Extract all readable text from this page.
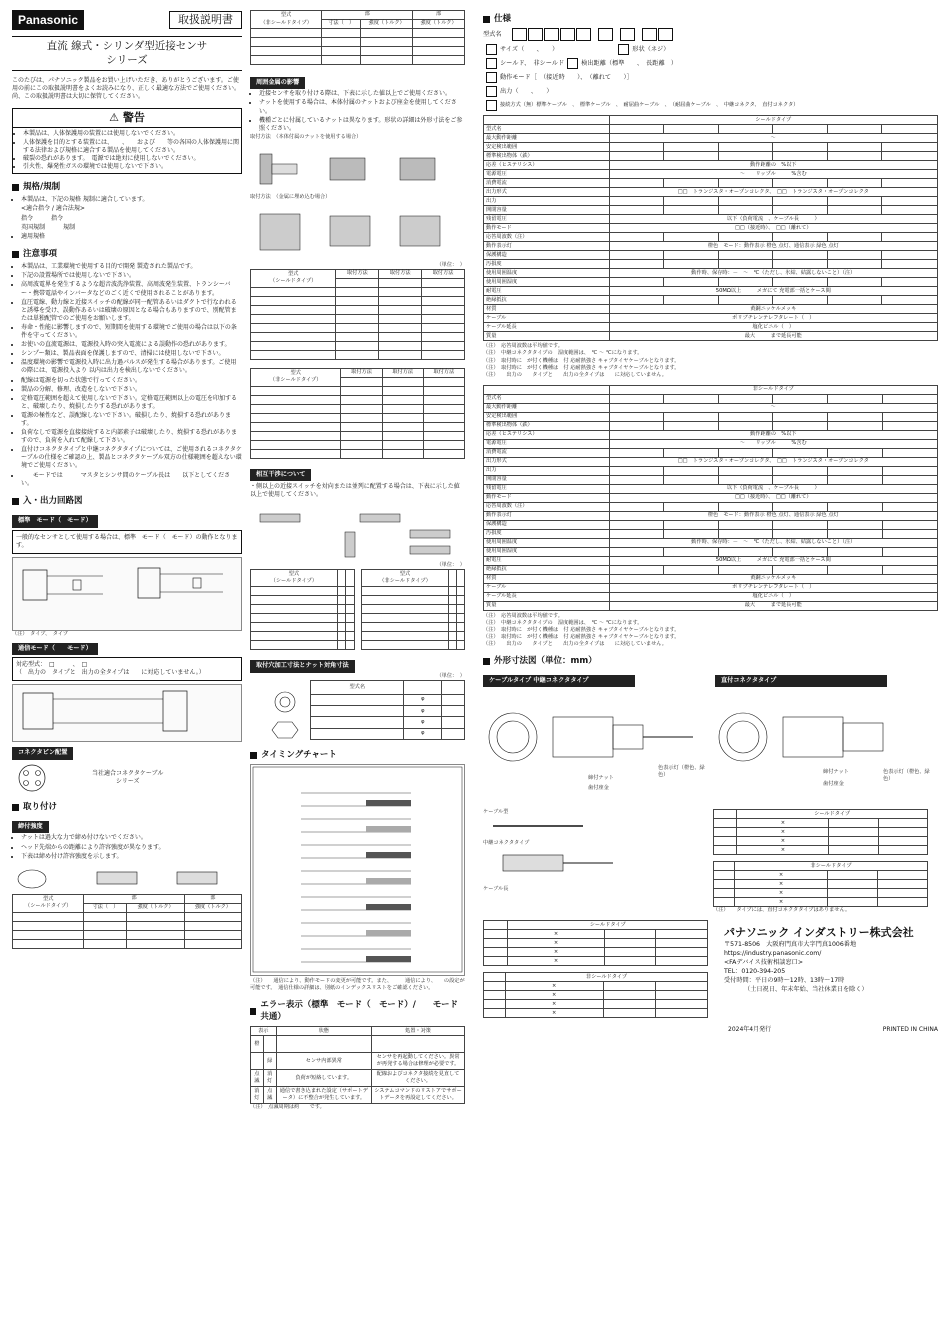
Panasonic	取扱説明書
直流 線式・シリンダ型近接センサ
シリーズ

このたびは、パナソニック製品をお買い上げいただき、ありがとうございます。ご使用の前にこの取扱説明書をよくお読みになり、正しく最適な方法でご使用ください。尚、この取扱説明書は大切に保管してください。

⚠ 警告
• 本製品は、人体保護用の装置には使用しないでください。
• 人体保護を目的とする装置には、　　、　　および　　等の各国の人体保護用に関する法律および規格に適合する製品を使用してください。
• 破裂の恐れがあります。　電源では絶対に使用しないでください。
• 引火性、爆発性ガスの環境では使用しないで下さい。
規格/規制
• 本製品は、下記の規格 規制に適合しています。
<適合指令 / 適合法規>
指令　　　指令
英国規制　　　規制
• 適用規格
注意事項
• 本製品は、工業環境で使用する目的で開発 製造された製品です。
• 下記の設置場所では使用しないで下さい。
• 高周波電界を発生するような超音波洗浄装置、高周波発生装置、トランシーバー・携帯電話やインバータなどのごく近くで使用されることがあります。
• 直圧電線、動力線と近接スイッチの配線が同一配管あるいはダクトで行なわれると誘導を受け、誤動作あるいは破壊の原因となる場合もありますので、別配管または単独配管でのご使用をお願いします。
• 寿命・性能に影響しますので、短期間を使用する環境でご使用の場合は以下の条件を守ってください。
• お使いの直流電源は、電源投入時の突入電流による誤動作の恐れがあります。
• シンプー類は、製品表面を保護しますので、清掃には使用しないで下さい。
• 温度環境の影響で電源投入時に出力過パルスが発生する場合があります。ご使用の際には、電源投入より 以内は出力を検出しないでください。
• 配線は電源を切った状態で行ってください。
• 製品の分解、修理、改造をしないで下さい。
• 定格電圧範囲を超えて使用しないで下さい。定格電圧範囲以上の電圧を印加すると、破壊したり、焼損したりする恐れがあります。
• 電源の極性など、誤配線しないで下さい。破損したり、焼損する恐れがあります。
• 負荷なしで電源を直接接続すると内部素子は破壊したり、焼損する恐れがありますので、負荷を入れて配線して下さい。
• 直付けコネクタタイプと中継コネクタタイプについては、ご使用されるコネクタケーブルの仕様をご確認の上、製品とコネクタケーブル双方の仕様範囲を超えない環境でご使用ください。
• 　　モードでは　　　マスタとシンサ間のケーブル長は　　以下としてください。
入・出力回路図
標準　モード（　モード）
一般的なセンサとして使用する場合は、標準　モード（　モード）の動作となります。
（注）　タイプ、　タイプ
通信モード（　　モード）
対応型式：　□　　　、　□
（　出力の　タイプと　出力の全タイプは　　に対応していません。）
コネクタピン配置
当社適合コネクタケーブル
シリーズ
取り付け
締付強度
• ナットは過大な力で締め付けないでください。
• ヘッド先端からの距離により許容強度が異なります。
• 下表は締め付け許容強度を示します。
型式
（シールドタイプ）	部		部
	寸法（　）	強度（トルク）	強度（トルク）

型式
（非シールドタイプ）	部		部
	寸法（　）	強度（トルク）	強度（トルク）

周囲金属の影響
• 近接センサを取り付ける際は、下表に示した値以上でご使用ください。
• ナットを使用する場合は、本体付属のナットおよび座金を使用してください。
• 機種ごとに付属しているナットは異なります。形状の詳細は外形寸法をご参照ください。
取付方法　（本体付属のナットを使用する場合）
取付方法　（金属に埋め込む場合）
（単位：　）
型式
（シールドタイプ）	取付方法	取付方法	取付方法

型式
（非シールドタイプ）	取付方法	取付方法	取付方法

相互干渉について

・側以上の近接スイッチを対向または並列に配置する場合は、下表に示した値以上で使用してください。

（単位：　）
型式
（シールドタイプ）		

型式
（非シールドタイプ）		

取付穴加工寸法とナット対角寸法
（単位：　）
型式名		
	φ	
	φ	
	φ	
	φ	
タイミングチャート

（注）　　通信により、動作モードの変更が可能です。また、　　　通信により、　　の設定が可能です。　通信仕様の詳細は、別紙のインデックスリストをご確認ください。

エラー表示（標準　モード（　モード）/　　モード共通）
表示		状態	処置・対策
橙			
	緑	センサ内部異常	センサを再起動してください。異常が再発する場合は修理が必要です。
点滅	消灯	負荷が短絡しています。	配線およびコネクタ接続を見直してください。
消灯	点滅	通信で書き込まれた設定（サポートデータ）に不整合が発生しています。	システムコマンドのリストアでサポートデータを再設定してください。
（注）　点滅周期は約　　です。
仕様
型式名
サイズ（　　、　　）	形状（ネジ）
シールド、　非シールド	検出距離（標準　　、　長距離　）
動作モード［　（接近時　　）、　（離れて　　）］
出力（　　、　　）
接続方式（無）標準ケーブル　、　標準ケーブル　、　耐屈曲ケーブル　、　（耐屈曲ケーブル　、　中継コネクタ、　直付コネクタ）
	シールドタイプ					
型式名						
最大動作距離	～					
安定検出範囲						
標準検出物体（鉄）						
応差（ヒステリシス）	動作距離の　%以下					
電源電圧	～　　リップル　　　%含む					
消費電流						
出力形式	□□　トランジスタ・オープンコレクタ、　□□　トランジスタ・オープンコレクタ					
出力						
開閉容量						
残留電圧	以下（負荷電流　、ケーブル長　　　）					
動作モード	□□（接近時）、　□□（離れて）					
応答周波数（注）						
動作表示灯	橙色　モード：動作表示 橙色 点灯、通信表示 緑色 点灯					
保護構造						
汚損度						
使用周囲温度	動作時、保存時：－　～　℃（ただし、氷結、結露しないこと）（注）					
使用周囲湿度						
耐電圧	50MΩ以上　　　メガにて 充電部一括とケース間					
絶縁抵抗						
材質	黄銅ニッケルメッキ					
ケーブル	ポリブチレンテレフタレート（　）					
ケーブル延長	塩化ビニル（　）					
質量	最大　　　まで延長可能					
（注）　応答周波数は平均値です。
（注）　中継コネクタタイプの　湿度範囲は、　℃ ～ ℃になります。
（注）　取付時に　が付く機種は　付 応耐熱強さ キャブタイヤケーブルとなります。
（注）　取付時に　が付く機種は　付 応耐熱強さ キャブタイヤケーブルとなります。
（注）　　出力の　　タイプと　　出力の全タイプは　　に対応していません。
	非シールドタイプ					
型式名						
最大動作距離	～					
安定検出範囲						
標準検出物体（鉄）						
応差（ヒステリシス）	動作距離の　%以下					
電源電圧	～　　リップル　　　%含む					
消費電流						
出力形式	□□　トランジスタ・オープンコレクタ、　□□　トランジスタ・オープンコレクタ					
出力						
開閉容量						
残留電圧	以下（負荷電流　、ケーブル長　　　）					
動作モード	□□（接近時）、　□□（離れて）					
応答周波数（注）						
動作表示灯	橙色　モード：動作表示 橙色 点灯、通信表示 緑色 点灯					
保護構造						
汚損度						
使用周囲温度	動作時、保存時：－　～　℃（ただし、氷結、結露しないこと）（注）					
使用周囲湿度						
耐電圧	50MΩ以上　　　メガにて 充電部一括とケース間					
絶縁抵抗						
材質	黄銅ニッケルメッキ					
ケーブル	ポリブチレンテレフタレート（　）					
ケーブル延長	塩化ビニル（　）					
質量	最大　　　まで延長可能					
（注）　応答周波数は平均値です。
（注）　中継コネクタタイプの　湿度範囲は、　℃ ～ ℃になります。
（注）　取付時に　が付く機種は　付 応耐熱強さ キャブタイヤケーブルとなります。
（注）　取付時に　が付く機種は　付 応耐熱強さ キャブタイヤケーブルとなります。
（注）　　出力の　　タイプと　　出力の全タイプは　　に対応していません。
外形寸法図（単位：mm）
ケーブルタイプ 中継コネクタタイプ	直付コネクタタイプ
締付ナット
歯付座金
色表示灯（橙色、緑色）
締付ナット
歯付座金
色表示灯（橙色、緑色）
ケーブル型
中継コネクタタイプ
ケーブル長
	シールドタイプ		
	×		
	×		
	×		
	×		
	非シールドタイプ		
	×		
	×		
	×		
	×		
（注）　　タイプには、直付コネクタタイプはありません。
	シールドタイプ		
	×		
	×		
	×		
	×		
	非シールドタイプ		
	×		
	×		
	×		
	×		
パナソニック インダストリー株式会社
〒571-8506　大阪府門真市大字門真1006番地
https://industry.panasonic.com/
<FAデバイス技術相談窓口>
TEL：0120-394-205
受付時間：平日の9時～12時、13時～17時
（土日祝日、年末年始、当社休業日を除く）
2024年4月発行	PRINTED IN CHINA
